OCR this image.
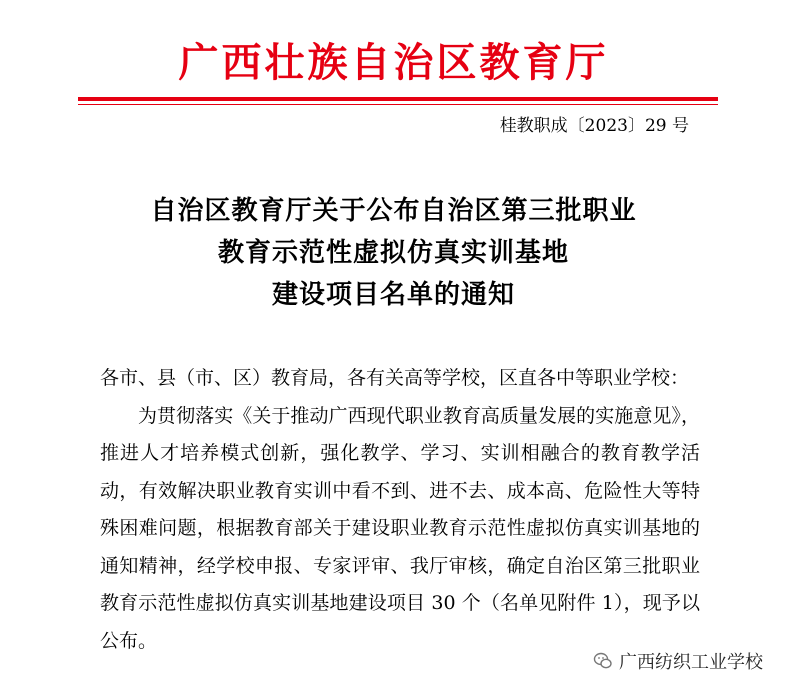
广西壮族自治区教育厅
桂教职成〔2023〕29 号
自治区教育厅关于公布自治区第三批职业
教育示范性虚拟仿真实训基地
建设项目名单的通知

各市、县（市、区）教育局，各有关高等学校，区直各中等职业学校：

为贯彻落实《关于推动广西现代职业教育高质量发展的实施意见》，推进人才培养模式创新，强化教学、学习、实训相融合的教育教学活动，有效解决职业教育实训中看不到、进不去、成本高、危险性大等特殊困难问题，根据教育部关于建设职业教育示范性虚拟仿真实训基地的通知精神，经学校申报、专家评审、我厅审核，确定自治区第三批职业教育示范性虚拟仿真实训基地建设项目 30 个（名单见附件 1），现予以公布。

广西纺织工业学校
